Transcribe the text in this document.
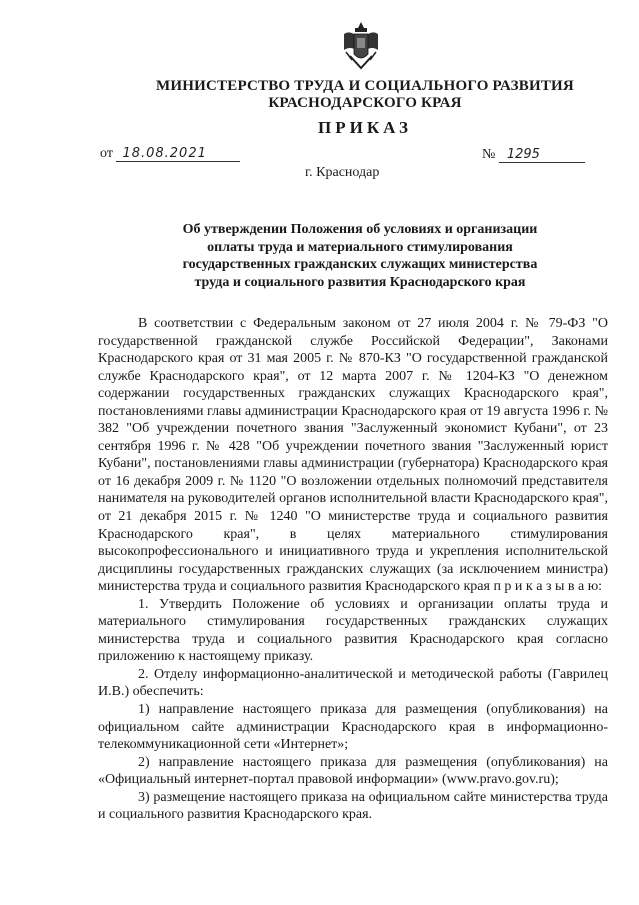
МИНИСТЕРСТВО ТРУДА И СОЦИАЛЬНОГО РАЗВИТИЯ
КРАСНОДАРСКОГО КРАЯ
ПРИКАЗ
от 18.08.2021
г. Краснодар
№ 1295
Об утверждении Положения об условиях и организации
оплаты труда и материального стимулирования
государственных гражданских служащих министерства
труда и социального развития Краснодарского края

В соответствии с Федеральным законом от 27 июля 2004 г. № 79-ФЗ "О государственной гражданской службе Российской Федерации", Законами Краснодарского края от 31 мая 2005 г. № 870-КЗ "О государственной гражданской службе Краснодарского края", от 12 марта 2007 г. № 1204-КЗ "О денежном содержании государственных гражданских служащих Краснодарского края", постановлениями главы администрации Краснодарского края от 19 августа 1996 г. № 382 "Об учреждении почетного звания "Заслуженный экономист Кубани", от 23 сентября 1996 г. № 428 "Об учреждении почетного звания "Заслуженный юрист Кубани", постановлениями главы администрации (губернатора) Краснодарского края от 16 декабря 2009 г. № 1120 "О возложении отдельных полномочий представителя нанимателя на руководителей органов исполнительной власти Краснодарского края", от 21 декабря 2015 г. № 1240 "О министерстве труда и социального развития Краснодарского края", в целях материального стимулирования высокопрофессионального и инициативного труда и укрепления исполнительской дисциплины государственных гражданских служащих (за исключением министра) министерства труда и социального развития Краснодарского края п р и к а з ы в а ю:

1. Утвердить Положение об условиях и организации оплаты труда и материального стимулирования государственных гражданских служащих министерства труда и социального развития Краснодарского края согласно приложению к настоящему приказу.

2. Отделу информационно-аналитической и методической работы (Гаврилец И.В.) обеспечить:

1) направление настоящего приказа для размещения (опубликования) на официальном сайте администрации Краснодарского края в информационно-телекоммуникационной сети «Интернет»;

2) направление настоящего приказа для размещения (опубликования) на «Официальный интернет-портал правовой информации» (www.pravo.gov.ru);

3) размещение настоящего приказа на официальном сайте министерства труда и социального развития Краснодарского края.
